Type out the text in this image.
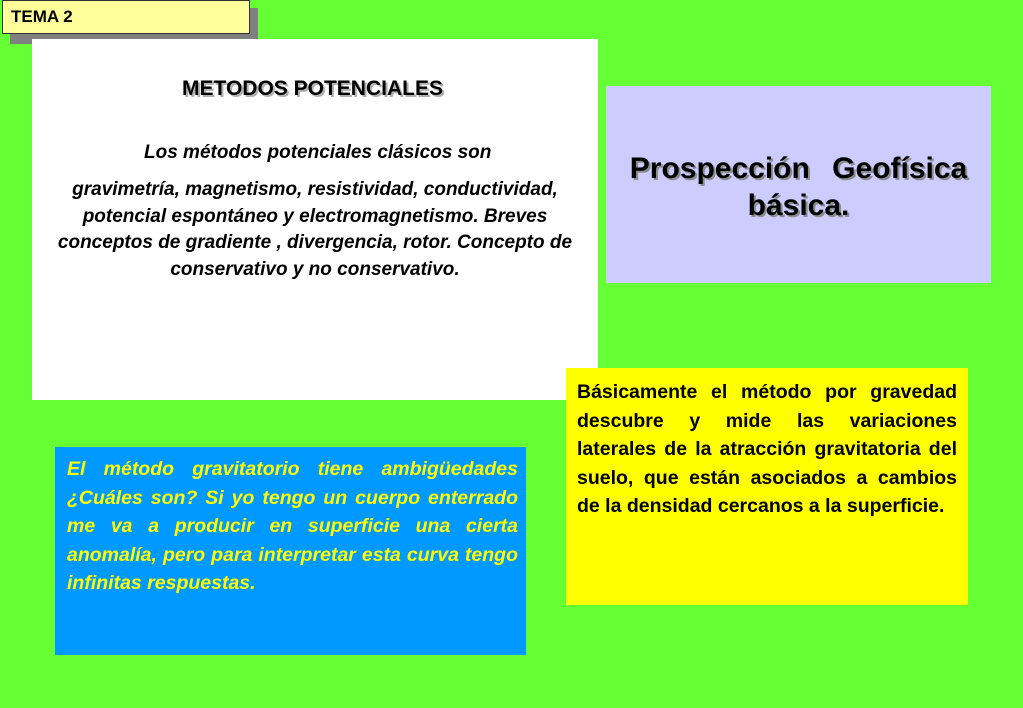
TEMA 2
METODOS POTENCIALES
Los métodos potenciales clásicos son
gravimetría, magnetismo, resistividad, conductividad, potencial espontáneo y electromagnetismo. Breves conceptos de gradiente , divergencia, rotor. Concepto de conservativo y no conservativo.
Prospección Geofísica básica.
Básicamente el método por gravedad descubre y mide las variaciones laterales de la atracción gravitatoria del suelo, que están asociados a cambios de la densidad cercanos a la superficie.
El método gravitatorio tiene ambigüedades ¿Cuáles son? Si yo tengo un cuerpo enterrado me va a producir en superficie una cierta anomalía, pero para interpretar esta curva tengo infinitas respuestas.
